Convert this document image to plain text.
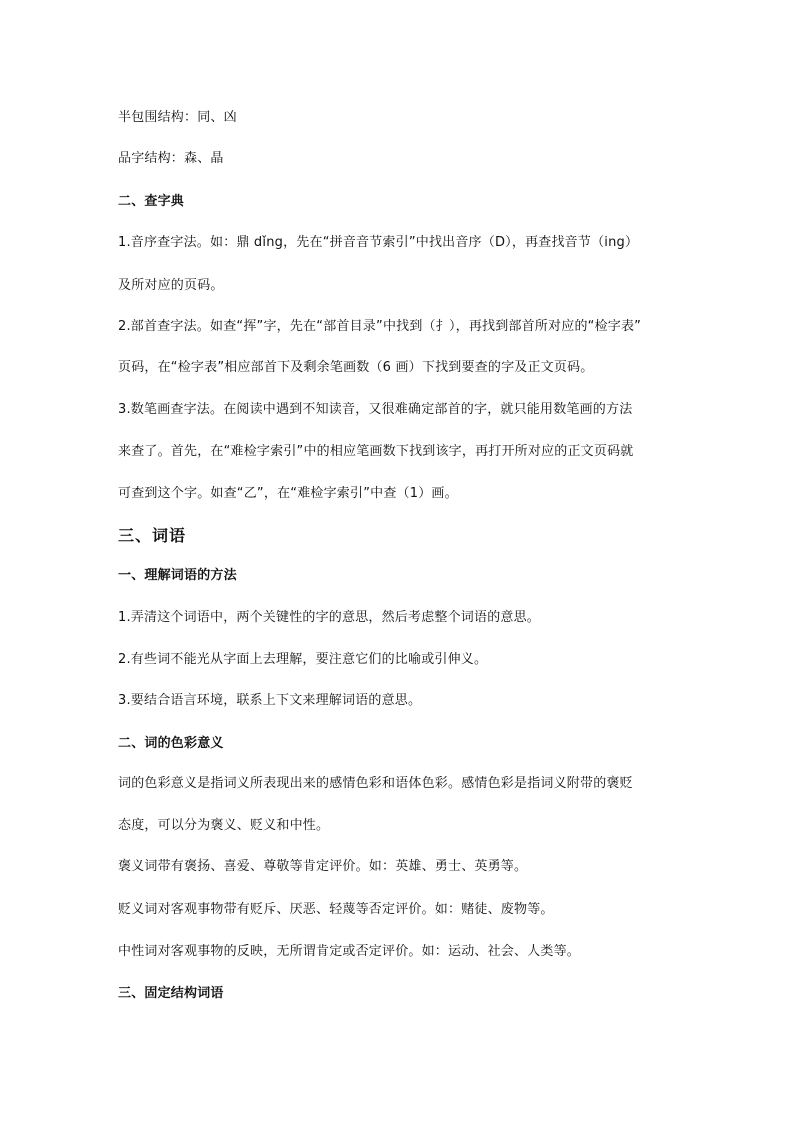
半包围结构：同、凶
品字结构：森、晶
二、查字典
1.音序查字法。如：鼎 dǐng，先在“拼音音节索引”中找出音序（D），再查找音节（ing）
及所对应的页码。
2.部首查字法。如查“挥”字，先在“部首目录”中找到（扌），再找到部首所对应的“检字表”
页码，在“检字表”相应部首下及剩余笔画数（6 画）下找到要查的字及正文页码。
3.数笔画查字法。在阅读中遇到不知读音，又很难确定部首的字，就只能用数笔画的方法
来查了。首先，在“难检字索引”中的相应笔画数下找到该字，再打开所对应的正文页码就
可查到这个字。如查“乙”，在“难检字索引”中查（1）画。
三、词语
一、理解词语的方法
1.弄清这个词语中，两个关键性的字的意思，然后考虑整个词语的意思。
2.有些词不能光从字面上去理解，要注意它们的比喻或引伸义。
3.要结合语言环境，联系上下文来理解词语的意思。
二、词的色彩意义
词的色彩意义是指词义所表现出来的感情色彩和语体色彩。感情色彩是指词义附带的褒贬
态度，可以分为褒义、贬义和中性。
褒义词带有褒扬、喜爱、尊敬等肯定评价。如：英雄、勇士、英勇等。
贬义词对客观事物带有贬斥、厌恶、轻蔑等否定评价。如：赌徒、废物等。
中性词对客观事物的反映，无所谓肯定或否定评价。如：运动、社会、人类等。
三、固定结构词语
